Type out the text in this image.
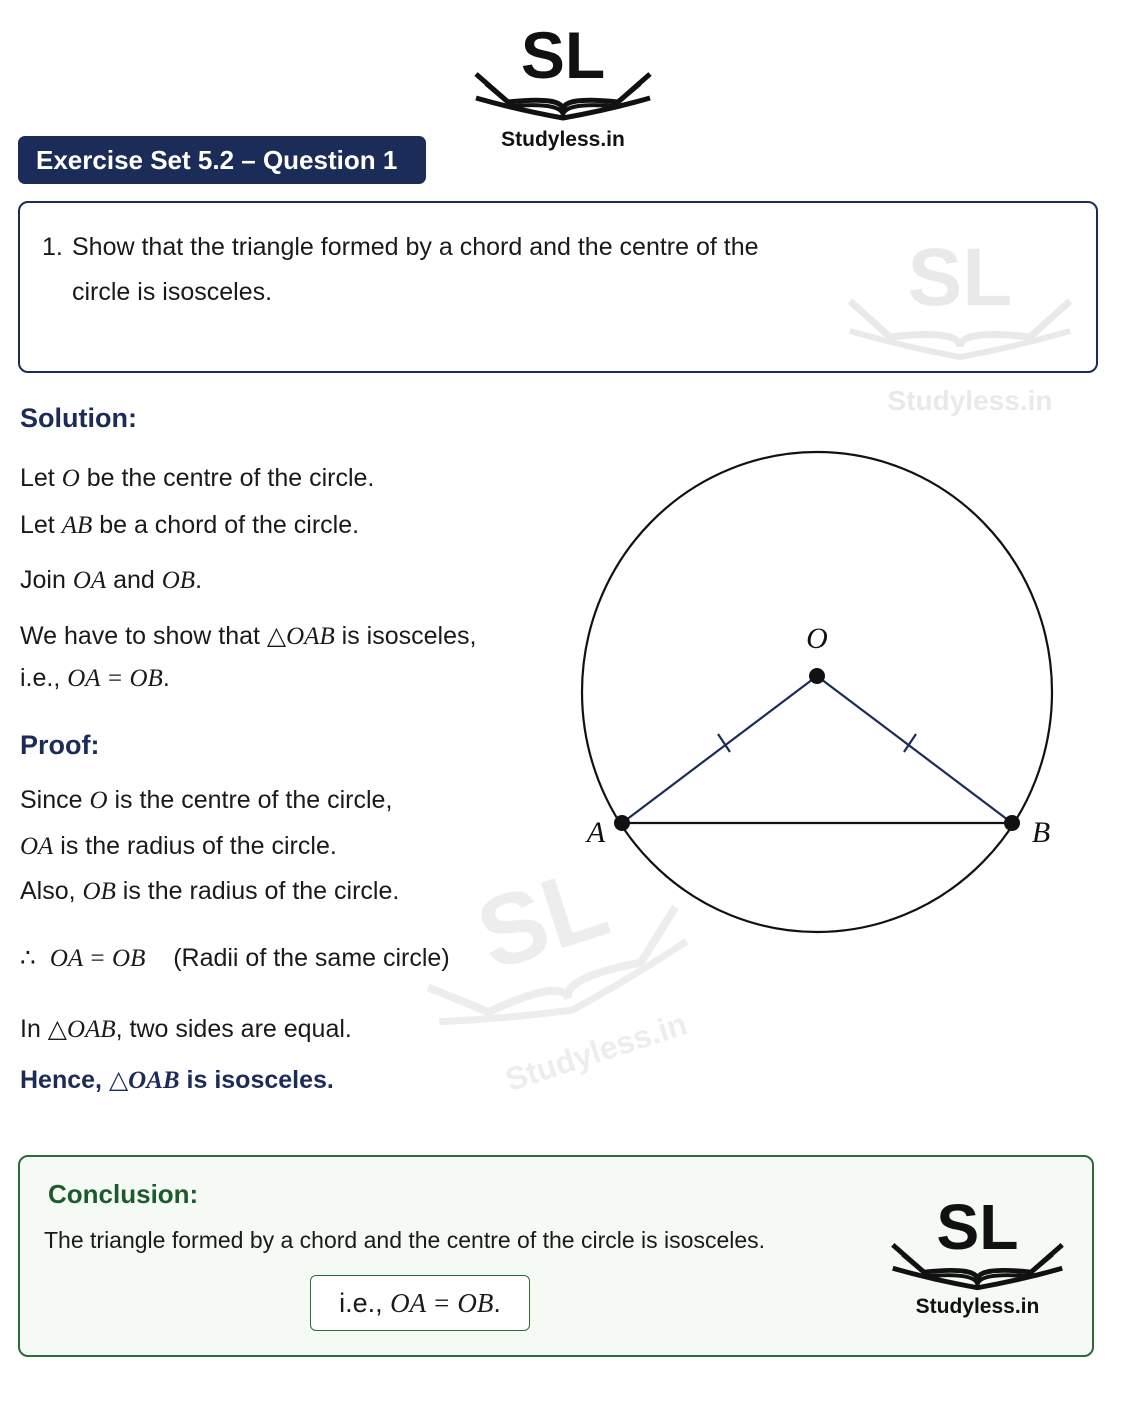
SL
Studyless.in
SL
Studyless.in
SL
Studyless.in
Exercise Set 5.2 – Question 1
1. Show that the triangle formed by a chord and the centre of the
circle is isosceles.
Solution:
Let O be the centre of the circle.
Let AB be a chord of the circle.
Join OA and OB.
We have to show that △OAB is isosceles,
i.e., OA = OB.
Proof:
Since O is the centre of the circle,
OA is the radius of the circle.
Also, OB is the radius of the circle.
∴ OA = OB (Radii of the same circle)
In △OAB, two sides are equal.
Hence, △OAB is isosceles.
O
A	B
Conclusion:
The triangle formed by a chord and the centre of the circle is isosceles.
i.e., OA = OB.
SL
Studyless.in
